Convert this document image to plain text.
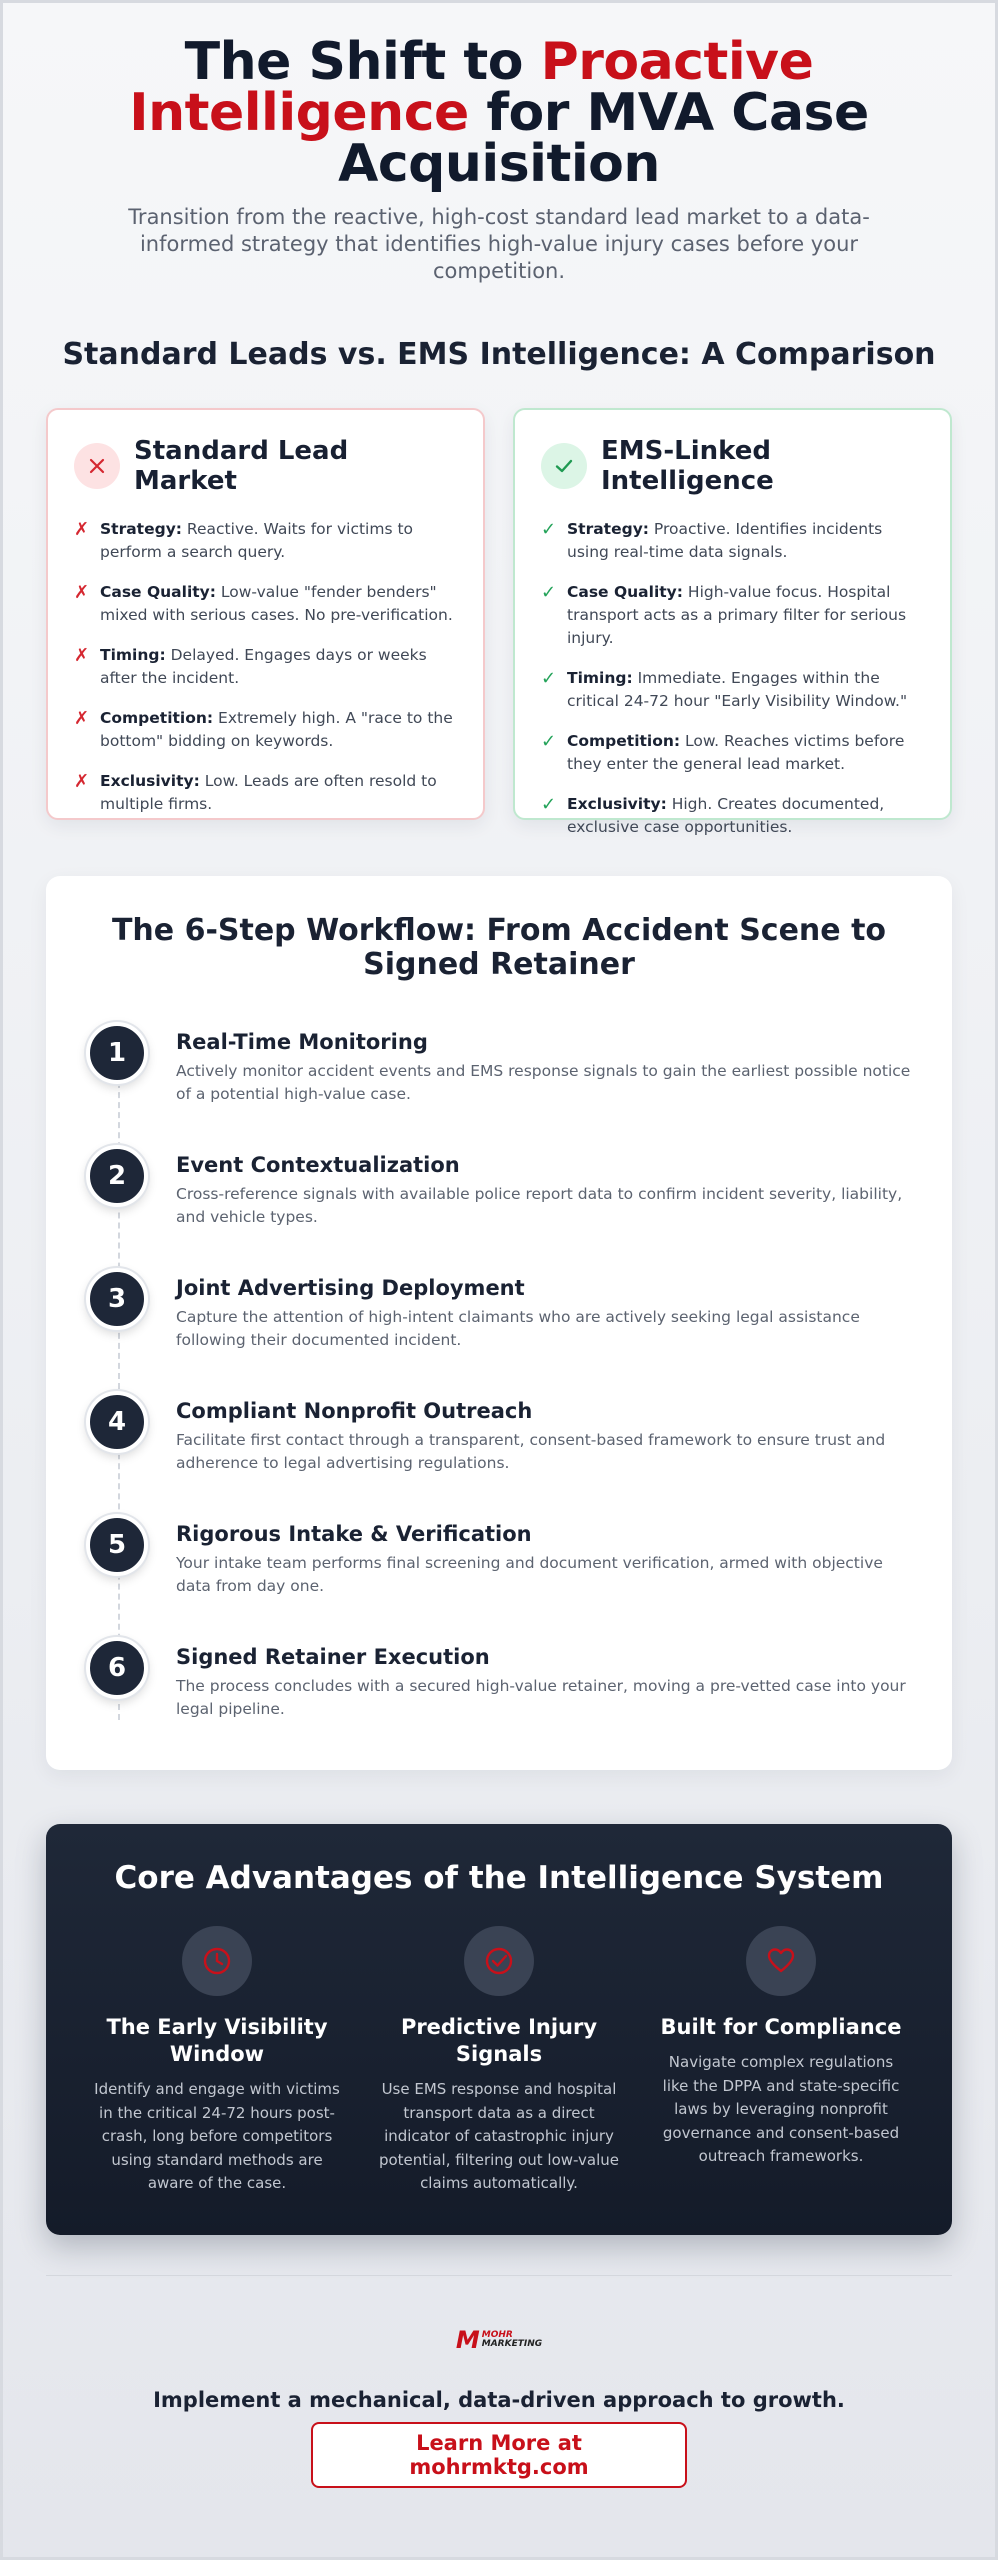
The Shift to Proactive Intelligence for MVA Case Acquisition

Transition from the reactive, high-cost standard lead market to a data-informed strategy that identifies high-value injury cases before your competition.

Standard Leads vs. EMS Intelligence: A Comparison
Standard Lead Market
✗ Strategy: Reactive. Waits for victims to perform a search query.
✗ Case Quality: Low-value "fender benders" mixed with serious cases. No pre-verification.
✗ Timing: Delayed. Engages days or weeks after the incident.
✗ Competition: Extremely high. A "race to the bottom" bidding on keywords.
✗ Exclusivity: Low. Leads are often resold to multiple firms.
EMS-Linked Intelligence
✓ Strategy: Proactive. Identifies incidents using real-time data signals.
✓ Case Quality: High-value focus. Hospital transport acts as a primary filter for serious injury.
✓ Timing: Immediate. Engages within the critical 24-72 hour "Early Visibility Window."
✓ Competition: Low. Reaches victims before they enter the general lead market.
✓ Exclusivity: High. Creates documented, exclusive case opportunities.
The 6-Step Workflow: From Accident Scene to Signed Retainer
1	Real-Time Monitoring

Actively monitor accident events and EMS response signals to gain the earliest possible notice of a potential high-value case.

2	Event Contextualization

Cross-reference signals with available police report data to confirm incident severity, liability, and vehicle types.

3	Joint Advertising Deployment

Capture the attention of high-intent claimants who are actively seeking legal assistance following their documented incident.

4	Compliant Nonprofit Outreach

Facilitate first contact through a transparent, consent-based framework to ensure trust and adherence to legal advertising regulations.

5	Rigorous Intake & Verification

Your intake team performs final screening and document verification, armed with objective data from day one.

6	Signed Retainer Execution

The process concludes with a secured high-value retainer, moving a pre-vetted case into your legal pipeline.

Core Advantages of the Intelligence System
The Early Visibility Window

Identify and engage with victims in the critical 24-72 hours post-crash, long before competitors using standard methods are aware of the case.

Predictive Injury Signals

Use EMS response and hospital transport data as a direct indicator of catastrophic injury potential, filtering out low-value claims automatically.

Built for Compliance

Navigate complex regulations like the DPPA and state-specific laws by leveraging nonprofit governance and consent-based outreach frameworks.

M MOHR
MARKETING

Implement a mechanical, data-driven approach to growth.

Learn More at mohrmktg.com
